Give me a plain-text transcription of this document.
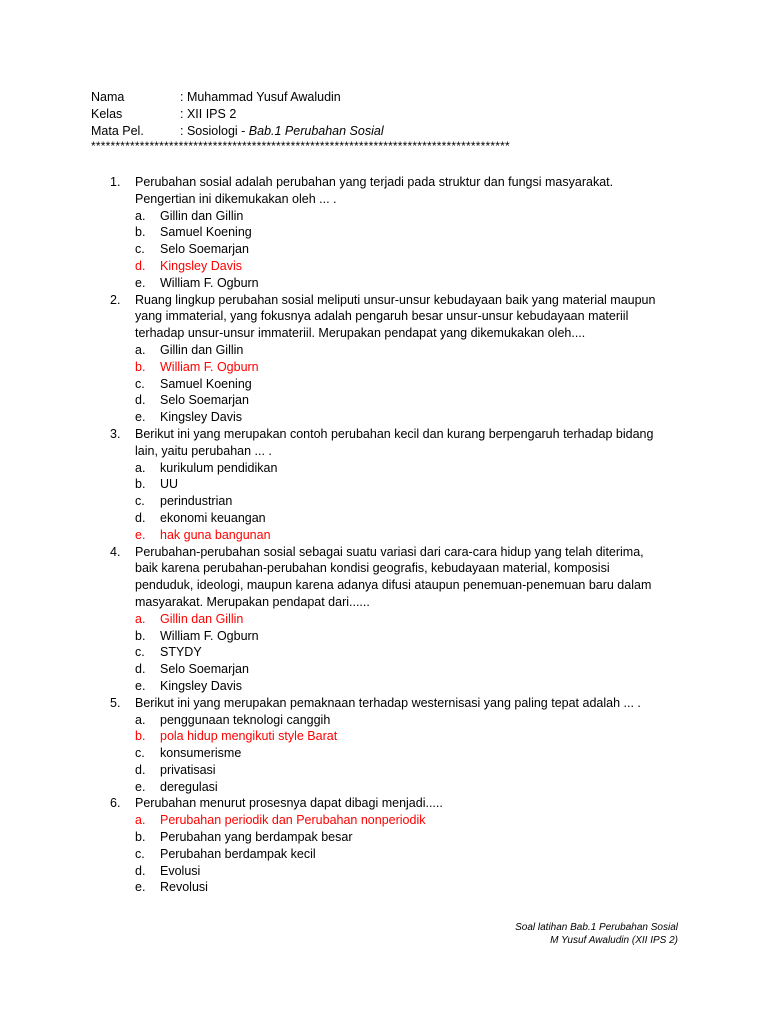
Nama	: Muhammad Yusuf Awaludin
Kelas	: XII IPS 2
Mata Pel.	: Sosiologi - Bab.1 Perubahan Sosial
**************************************************************************************
1. Perubahan sosial adalah perubahan yang terjadi pada struktur dan fungsi masyarakat. Pengertian ini dikemukakan oleh ... .
a. Gillin dan Gillin
b. Samuel Koening
c. Selo Soemarjan
d. Kingsley Davis
e. William F. Ogburn
2. Ruang lingkup perubahan sosial meliputi unsur-unsur kebudayaan baik yang material maupun yang immaterial, yang fokusnya adalah pengaruh besar unsur-unsur kebudayaan materiil terhadap unsur-unsur immateriil. Merupakan pendapat yang dikemukakan oleh....
a. Gillin dan Gillin
b. William F. Ogburn
c. Samuel Koening
d. Selo Soemarjan
e. Kingsley Davis
3. Berikut ini yang merupakan contoh perubahan kecil dan kurang berpengaruh terhadap bidang lain, yaitu perubahan ... .
a. kurikulum pendidikan
b. UU
c. perindustrian
d. ekonomi keuangan
e. hak guna bangunan
4. Perubahan-perubahan sosial sebagai suatu variasi dari cara-cara hidup yang telah diterima, baik karena perubahan-perubahan kondisi geografis, kebudayaan material, komposisi penduduk, ideologi, maupun karena adanya difusi ataupun penemuan-penemuan baru dalam masyarakat. Merupakan pendapat dari......
a. Gillin dan Gillin
b. William F. Ogburn
c. STYDY
d. Selo Soemarjan
e. Kingsley Davis
5. Berikut ini yang merupakan pemaknaan terhadap westernisasi yang paling tepat adalah ... .
a. penggunaan teknologi canggih
b. pola hidup mengikuti style Barat
c. konsumerisme
d. privatisasi
e. deregulasi
6. Perubahan menurut prosesnya dapat dibagi menjadi.....
a. Perubahan periodik dan Perubahan nonperiodik
b. Perubahan yang berdampak besar
c. Perubahan berdampak kecil
d. Evolusi
e. Revolusi
Soal latihan Bab.1 Perubahan Sosial
M Yusuf Awaludin (XII IPS 2)
